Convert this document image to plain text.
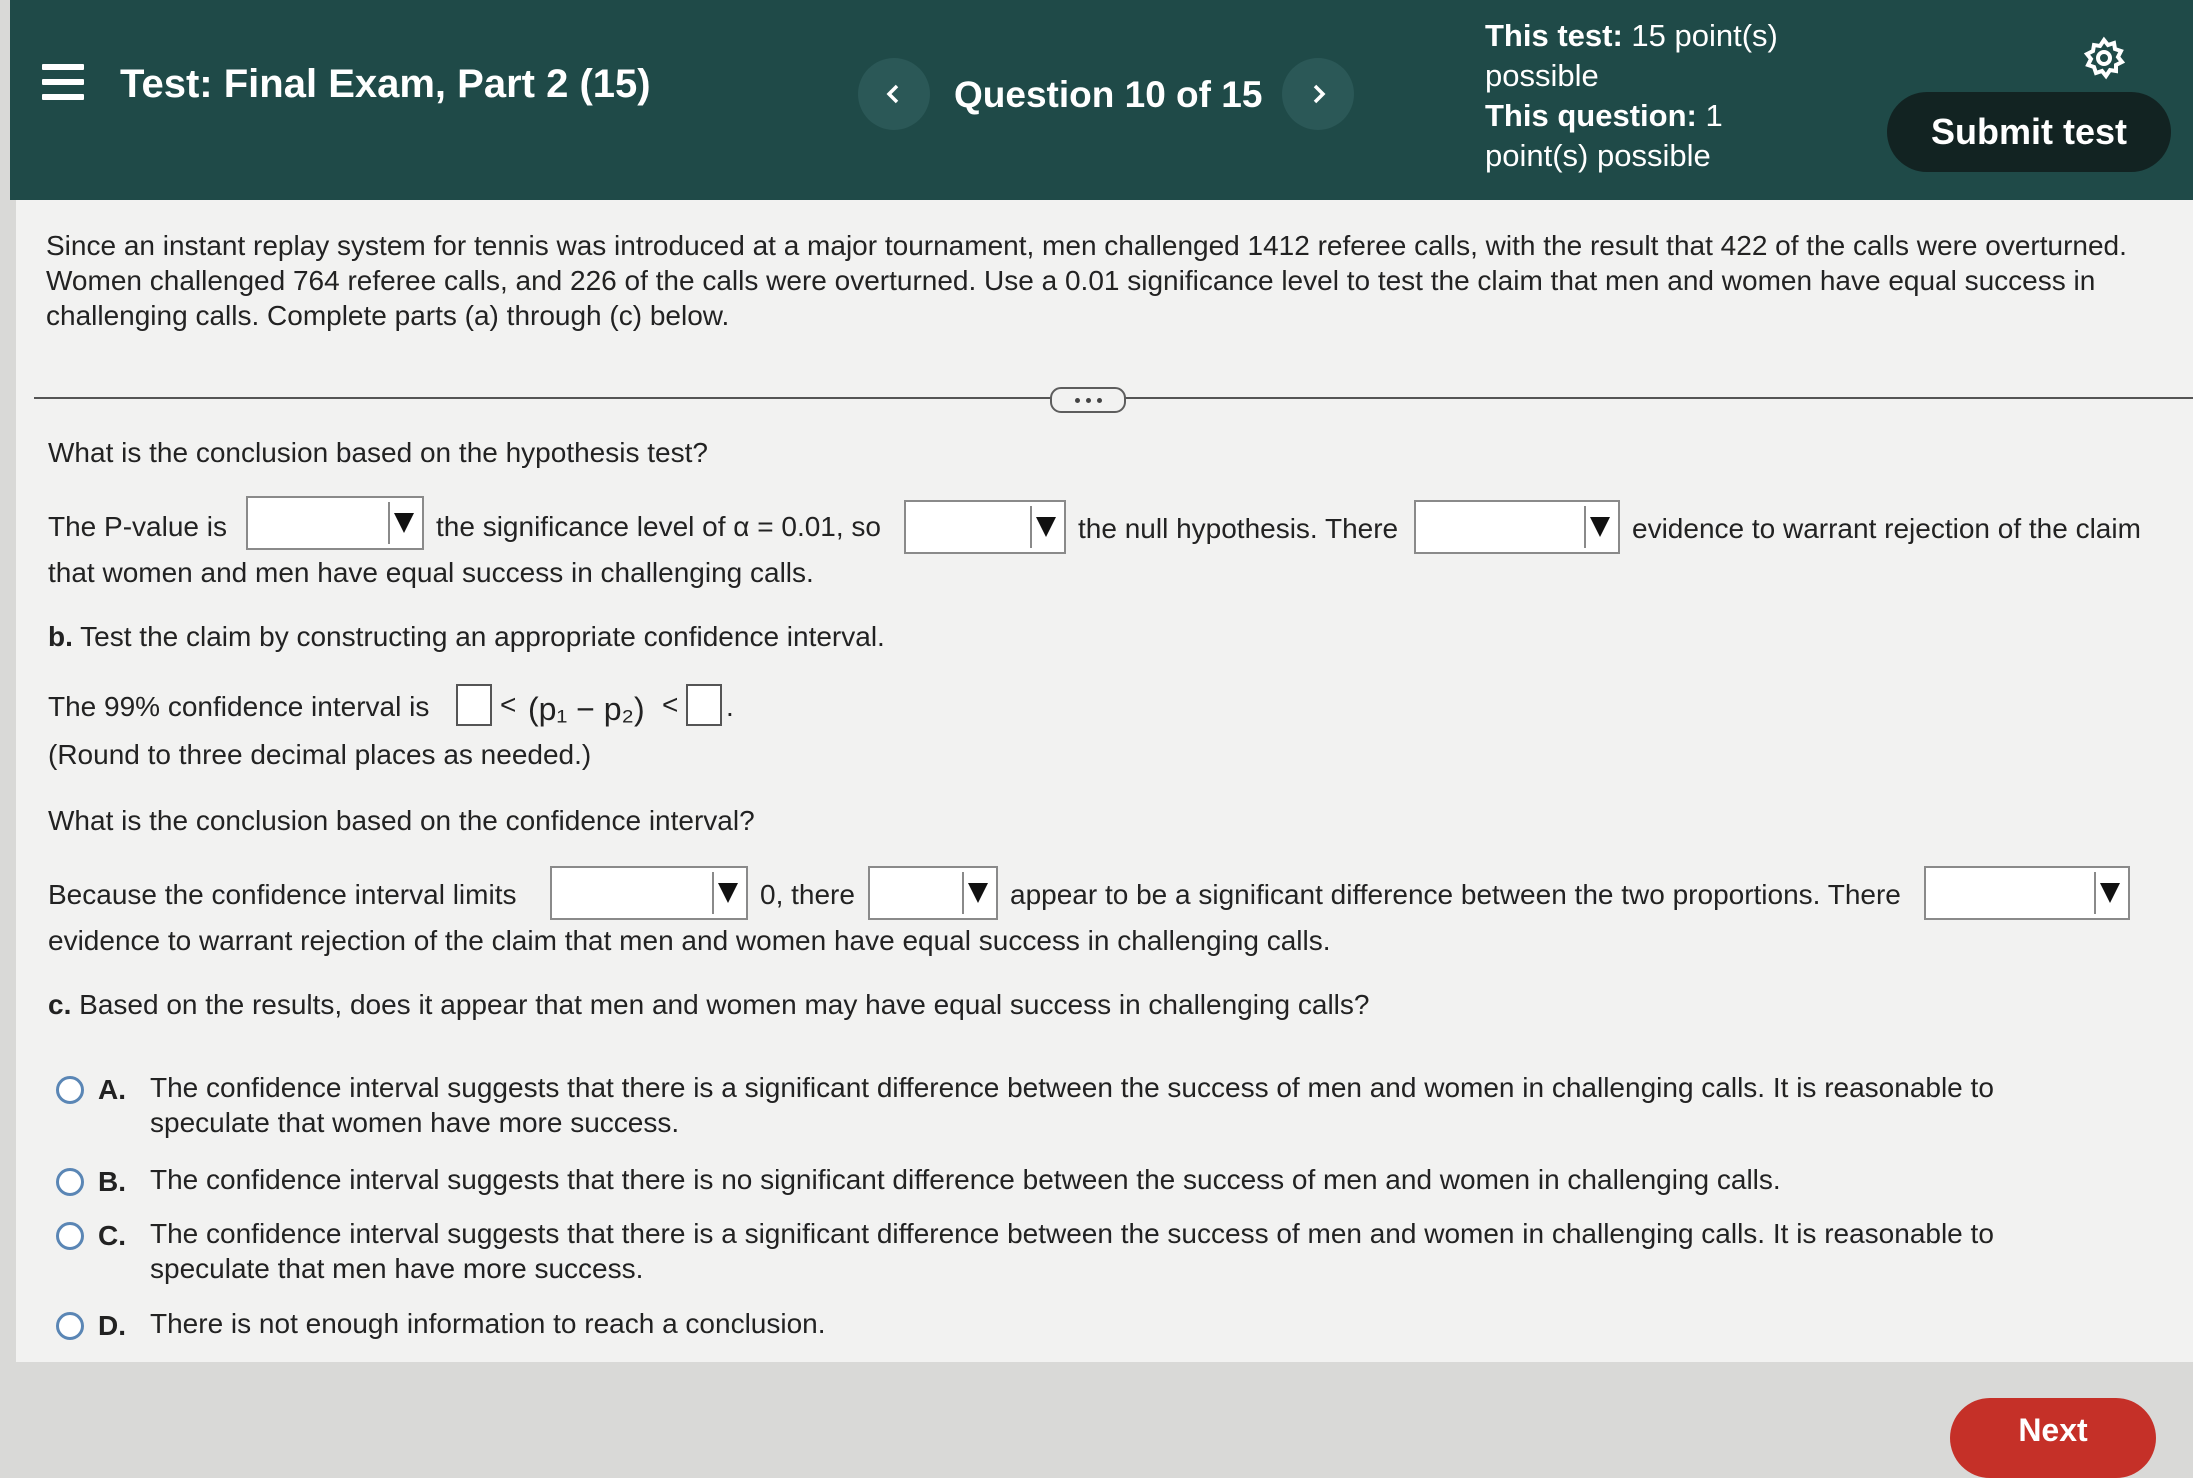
Test: Final Exam, Part 2 (15)	Question 10 of 15
This test: 15 point(s)
possible
This question: 1
point(s) possible
Submit test
Since an instant replay system for tennis was introduced at a major tournament, men challenged 1412 referee calls, with the result that 422 of the calls were overturned. Women challenged 764 referee calls, and 226 of the calls were overturned. Use a 0.01 significance level to test the claim that men and women have equal success in challenging calls. Complete parts (a) through (c) below.
What is the conclusion based on the hypothesis test?
The P-value is	the significance level of α = 0.01, so	the null hypothesis. There	evidence to warrant rejection of the claim
that women and men have equal success in challenging calls.
b. Test the claim by constructing an appropriate confidence interval.
The 99% confidence interval is	< (p₁ − p₂) < .
(Round to three decimal places as needed.)
What is the conclusion based on the confidence interval?
Because the confidence interval limits	0, there	appear to be a significant difference between the two proportions. There
evidence to warrant rejection of the claim that men and women have equal success in challenging calls.
c. Based on the results, does it appear that men and women may have equal success in challenging calls?
A. The confidence interval suggests that there is a significant difference between the success of men and women in challenging calls. It is reasonable to
speculate that women have more success.
B. The confidence interval suggests that there is no significant difference between the success of men and women in challenging calls.
C. The confidence interval suggests that there is a significant difference between the success of men and women in challenging calls. It is reasonable to
speculate that men have more success.
D. There is not enough information to reach a conclusion.
Next
